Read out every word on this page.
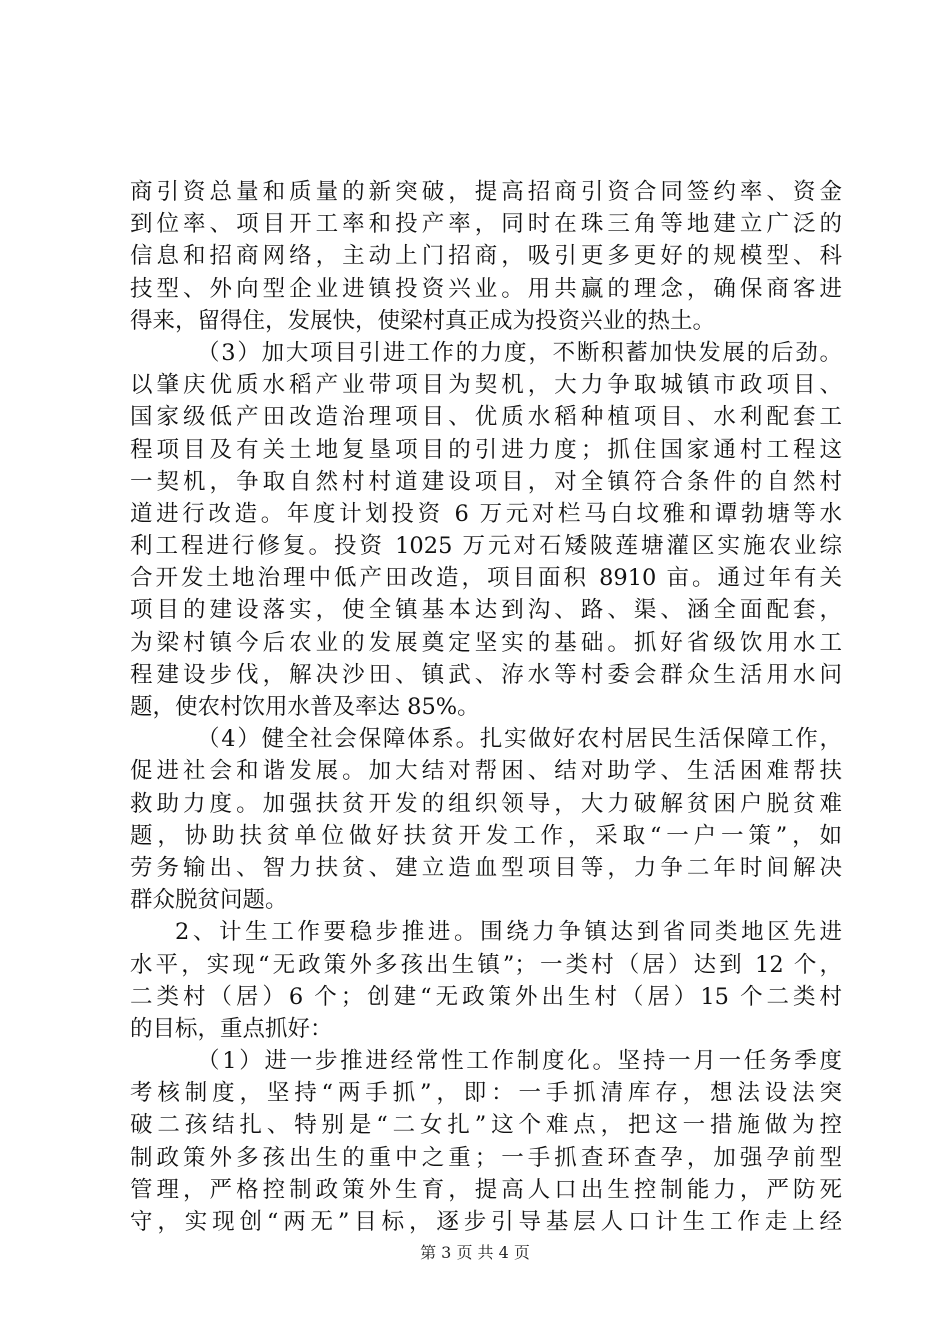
商引资总量和质量的新突破，提高招商引资合同签约率、资金
到位率、项目开工率和投产率，同时在珠三角等地建立广泛的
信息和招商网络，主动上门招商，吸引更多更好的规模型、科
技型、外向型企业进镇投资兴业。用共赢的理念，确保商客进
得来，留得住，发展快，使梁村真正成为投资兴业的热土。
（3）加大项目引进工作的力度，不断积蓄加快发展的后劲。
以肇庆优质水稻产业带项目为契机，大力争取城镇市政项目、
国家级低产田改造治理项目、优质水稻种植项目、水利配套工
程项目及有关土地复垦项目的引进力度；抓住国家通村工程这
一契机，争取自然村村道建设项目，对全镇符合条件的自然村
道进行改造。年度计划投资 6 万元对栏马白坟雅和谭勃塘等水
利工程进行修复。投资 1025 万元对石矮陂莲塘灌区实施农业综
合开发土地治理中低产田改造，项目面积 8910 亩。通过年有关
项目的建设落实，使全镇基本达到沟、路、渠、涵全面配套，
为梁村镇今后农业的发展奠定坚实的基础。抓好省级饮用水工
程建设步伐，解决沙田、镇武、洊水等村委会群众生活用水问
题，使农村饮用水普及率达 85%。
（4）健全社会保障体系。扎实做好农村居民生活保障工作，
促进社会和谐发展。加大结对帮困、结对助学、生活困难帮扶
救助力度。加强扶贫开发的组织领导，大力破解贫困户脱贫难
题，协助扶贫单位做好扶贫开发工作，采取“一户一策”，如
劳务输出、智力扶贫、建立造血型项目等，力争二年时间解决
群众脱贫问题。
2、计生工作要稳步推进。围绕力争镇达到省同类地区先进
水平，实现“无政策外多孩出生镇”；一类村（居）达到 12 个，
二类村（居）6 个；创建“无政策外出生村（居）15 个二类村
的目标，重点抓好：
（1）进一步推进经常性工作制度化。坚持一月一任务季度
考核制度，坚持“两手抓”，即：一手抓清库存，想法设法突
破二孩结扎、特别是“二女扎”这个难点，把这一措施做为控
制政策外多孩出生的重中之重；一手抓查环查孕，加强孕前型
管理，严格控制政策外生育，提高人口出生控制能力，严防死
守，实现创“两无”目标，逐步引导基层人口计生工作走上经
第 3 页 共 4 页
